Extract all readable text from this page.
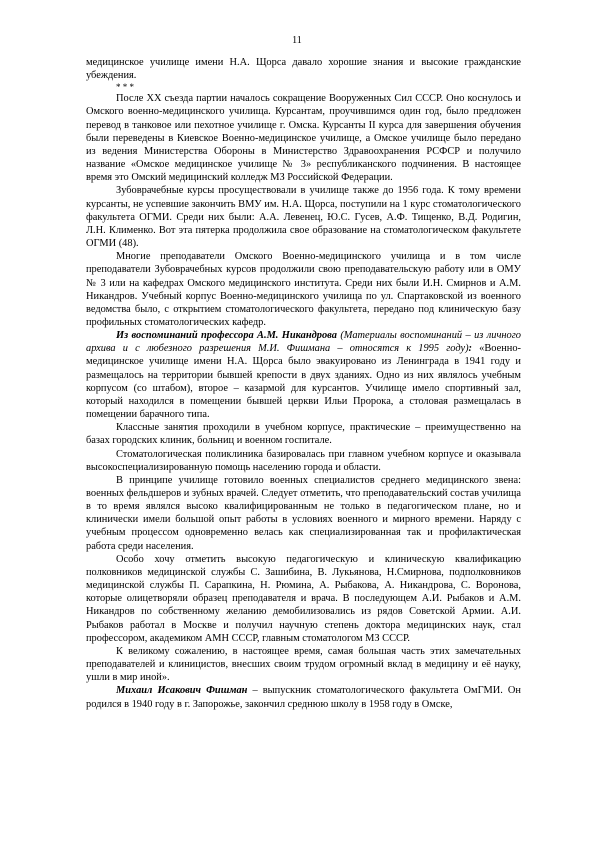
11

медицинское училище имени Н.А. Щорса давало хорошие знания и высокие гражданские убеждения.

* * *

После XX съезда партии началось сокращение Вооруженных Сил СССР. Оно коснулось и Омского военно-медицинского училища. Курсантам, проучившимся один год, было предложен перевод в танковое или пехотное училище г. Омска. Курсанты II курса для завершения обучения были переведены в Киевское Военно-медицинское училище, а Омское училище было передано из ведения Министерства Обороны в Министерство Здравоохранения РСФСР и получило название «Омское медицинское училище № 3» республиканского подчинения. В настоящее время это Омский медицинский колледж МЗ Российской Федерации.

Зубоврачебные курсы просуществовали в училище также до 1956 года. К тому времени курсанты, не успевшие закончить ВМУ им. Н.А. Щорса, поступили на 1 курс стоматологического факультета ОГМИ. Среди них были: А.А. Левенец, Ю.С. Гусев, А.Ф. Тищенко, В.Д. Родигин, Л.Н. Клименко. Вот эта пятерка продолжила свое образование на стоматологическом факультете ОГМИ (48).

Многие преподаватели Омского Военно-медицинского училища и в том числе преподаватели Зубоврачебных курсов продолжили свою преподавательскую работу или в ОМУ № 3 или на кафедрах Омского медицинского института. Среди них были И.Н. Смирнов и А.М. Никандров. Учебный корпус Военно-медицинского училища по ул. Спартаковской из военного ведомства было, с открытием стоматологического факультета, передано под клиническую базу профильных стоматологических кафедр.

Из воспоминаний профессора А.М. Никандрова (Материалы воспоминаний – из личного архива и с любезного разрешения М.И. Фишмана – относятся к 1995 году): «Военно-медицинское училище имени Н.А. Щорса было эвакуировано из Ленинграда в 1941 году и размещалось на территории бывшей крепости в двух зданиях. Одно из них являлось учебным корпусом (со штабом), второе – казармой для курсантов. Училище имело спортивный зал, который находился в помещении бывшей церкви Ильи Пророка, а столовая размещалась в помещении барачного типа.

Классные занятия проходили в учебном корпусе, практические – преимущественно на базах городских клиник, больниц и военном госпитале.

Стоматологическая поликлиника базировалась при главном учебном корпусе и оказывала высокоспециализированную помощь населению города и области.

В принципе училище готовило военных специалистов среднего медицинского звена: военных фельдшеров и зубных врачей. Следует отметить, что преподавательский состав училища в то время являлся высоко квалифицированным не только в педагогическом плане, но и клинически имели большой опыт работы в условиях военного и мирного времени. Наряду с учебным процессом одновременно велась как специализированная так и профилактическая работа среди населения.

Особо хочу отметить высокую педагогическую и клиническую квалификацию полковников медицинской службы С. Зашибина, В. Лукьянова, Н.Смирнова, подполковников медицинской службы П. Сарапкина, Н. Рюмина, А. Рыбакова, А. Никандрова, С. Воронова, которые олицетворяли образец преподавателя и врача. В последующем А.И. Рыбаков и А.М. Никандров по собственному желанию демобилизовались из рядов Советской Армии. А.И. Рыбаков работал в Москве и получил научную степень доктора медицинских наук, стал профессором, академиком АМН СССР, главным стоматологом МЗ СССР.

К великому сожалению, в настоящее время, самая большая часть этих замечательных преподавателей и клиницистов, внесших своим трудом огромный вклад в медицину и её науку, ушли в мир иной».

Михаил Исакович Фишман – выпускник стоматологического факультета ОмГМИ. Он родился в 1940 году в г. Запорожье, закончил среднюю школу в 1958 году в Омске,
